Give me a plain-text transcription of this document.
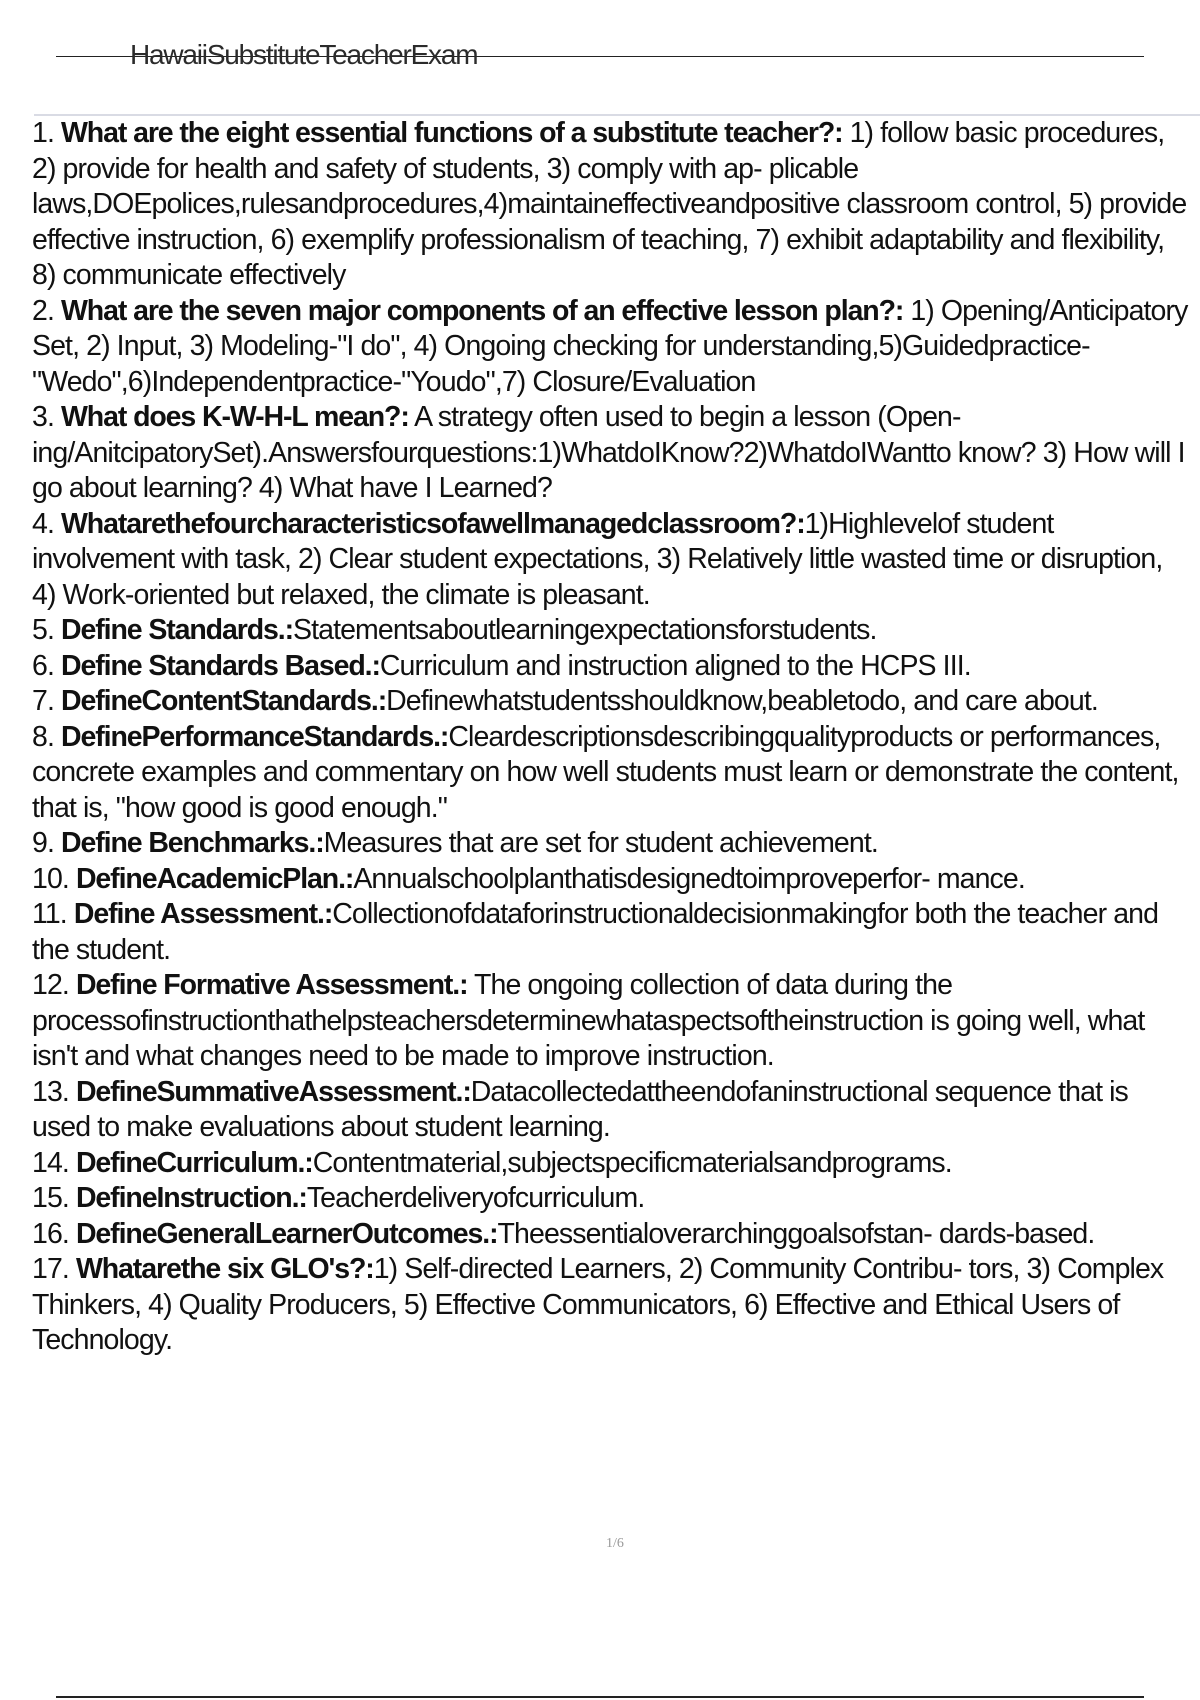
HawaiiSubstituteTeacherExam

1. What are the eight essential functions of a substitute teacher?: 1) follow basic procedures, 2) provide for health and safety of students, 3) comply with ap- plicable laws,DOEpolices,rulesandprocedures,4)maintaineffectiveandpositive classroom control, 5) provide effective instruction, 6) exemplify professionalism of teaching, 7) exhibit adaptability and flexibility, 8) communicate effectively

2. What are the seven major components of an effective lesson plan?: 1) Opening/Anticipatory Set, 2) Input, 3) Modeling-"I do", 4) Ongoing checking for understanding,5)Guidedpractice-"Wedo",6)Independentpractice-"Youdo",7) Closure/Evaluation

3. What does K-W-H-L mean?: A strategy often used to begin a lesson (Open- ing/AnitcipatorySet).Answersfourquestions:1)WhatdoIKnow?2)WhatdoIWantto know? 3) How will I go about learning? 4) What have I Learned?

4. Whatarethefourcharacteristicsofawellmanagedclassroom?:1)Highlevelof student involvement with task, 2) Clear student expectations, 3) Relatively little wasted time or disruption, 4) Work-oriented but relaxed, the climate is pleasant.

5. Define Standards.:Statementsaboutlearningexpectationsforstudents.

6. Define Standards Based.:Curriculum and instruction aligned to the HCPS III.

7. DefineContentStandards.:Definewhatstudentsshouldknow,beabletodo, and care about.

8. DefinePerformanceStandards.:Cleardescriptionsdescribingqualityproducts or performances, concrete examples and commentary on how well students must learn or demonstrate the content, that is, "how good is good enough."

9. Define Benchmarks.:Measures that are set for student achievement.

10. DefineAcademicPlan.:Annualschoolplanthatisdesignedtoimproveperfor- mance.

11. Define Assessment.:Collectionofdataforinstructionaldecisionmakingfor both the teacher and the student.

12. Define Formative Assessment.: The ongoing collection of data during the processofinstructionthathelpsteachersdeterminewhataspectsoftheinstruction is going well, what isn't and what changes need to be made to improve instruction.

13. DefineSummativeAssessment.:Datacollectedattheendofaninstructional sequence that is used to make evaluations about student learning.

14. DefineCurriculum.:Contentmaterial,subjectspecificmaterialsandprograms.

15. DefineInstruction.:Teacherdeliveryofcurriculum.

16. DefineGeneralLearnerOutcomes.:Theessentialoverarchinggoalsofstan- dards-based.

17. Whatarethe six GLO's?:1) Self-directed Learners, 2) Community Contribu- tors, 3) Complex Thinkers, 4) Quality Producers, 5) Effective Communicators, 6) Effective and Ethical Users of Technology.

1/6
